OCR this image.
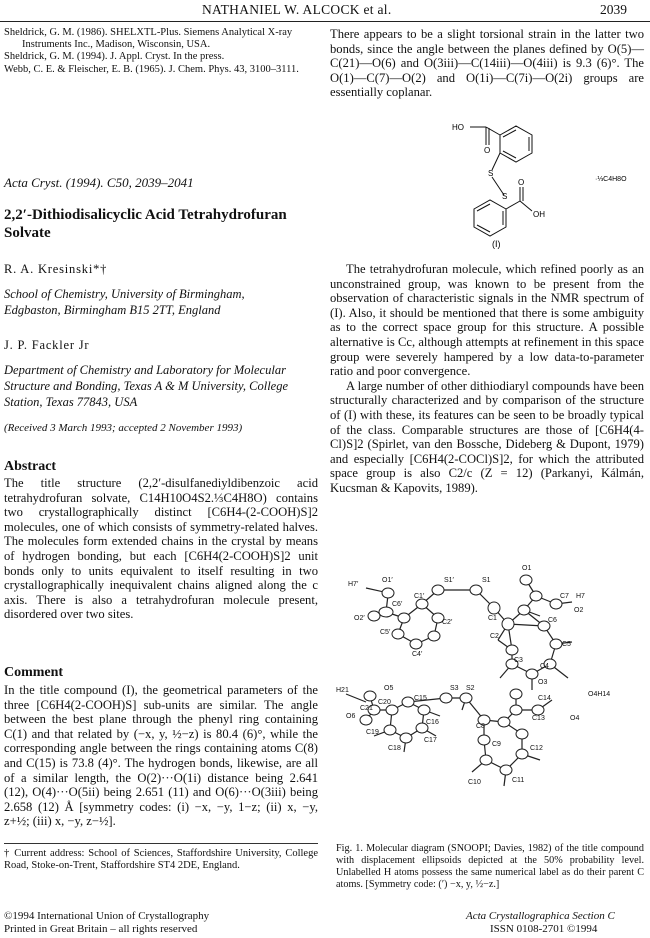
NATHANIEL W. ALCOCK et al.	2039
Sheldrick, G. M. (1986). SHELXTL-Plus. Siemens Analytical X-ray Instruments Inc., Madison, Wisconsin, USA.
Sheldrick, G. M. (1994). J. Appl. Cryst. In the press.
Webb, C. E. & Fleischer, E. B. (1965). J. Chem. Phys. 43, 3100–3111.

There appears to be a slight torsional strain in the latter two bonds, since the angle between the planes defined by O(5)—C(21)—O(6) and O(3iii)—C(14iii)—O(4iii) is 9.3 (6)°. The O(1)—C(7)—O(2) and O(1i)—C(7i)—O(2i) groups are essentially coplanar.

Acta Cryst. (1994). C50, 2039–2041
2,2′-Dithiodisalicyclic Acid Tetrahydrofuran Solvate
R. A. Kresinski*†
School of Chemistry, University of Birmingham, Edgbaston, Birmingham B15 2TT, England
J. P. Fackler Jr
Department of Chemistry and Laboratory for Molecular Structure and Bonding, Texas A & M University, College Station, Texas 77843, USA
(Received 3 March 1993; accepted 2 November 1993)
Abstract

The title structure (2,2′-disulfanediyldibenzoic acid tetrahydrofuran solvate, C14H10O4S2.⅓C4H8O) contains two crystallographically distinct [C6H4-(2-COOH)S]2 molecules, one of which consists of symmetry-related halves. The molecules form extended chains in the crystal by means of hydrogen bonding, but each [C6H4(2-COOH)S]2 unit bonds only to units equivalent to itself resulting in two crystallographically inequivalent chains aligned along the c axis. There is also a tetrahydrofuran molecule present, disordered over two sites.

Comment

In the title compound (I), the geometrical parameters of the three [C6H4(2-COOH)S] sub-units are similar. The angle between the best plane through the phenyl ring containing C(1) and that related by (−x, y, ½−z) is 80.4 (6)°, while the corresponding angle between the rings containing atoms C(8) and C(15) is 73.8 (4)°. The hydrogen bonds, likewise, are all of a similar length, the O(2)···O(1i) distance being 2.641 (12), O(4)···O(5ii) being 2.651 (11) and O(6)···O(3iii) being 2.658 (12) Å [symmetry codes: (i) −x, −y, 1−z; (ii) x, −y, z+½; (iii) x, −y, z−½].

† Current address: School of Sciences, Staffordshire University, College Road, Stoke-on-Trent, Staffordshire ST4 2DE, England.
©1994 International Union of Crystallography
Printed in Great Britain – all rights reserved
HO
O
S
S
O
OH
·⅓C4H8O
(I)

The tetrahydrofuran molecule, which refined poorly as an unconstrained group, was known to be present from the observation of characteristic signals in the NMR spectrum of (I). Also, it should be mentioned that there is some ambiguity as to the correct space group for this structure. A possible alternative is Cc, although attempts at refinement in this space group were severely hampered by a low data-to-parameter ratio and poor convergence.

A large number of other dithiodiaryl compounds have been structurally characterized and by comparison of the structure of (I) with these, its features can be seen to be broadly typical of the class. Comparable structures are those of [C6H4(4-Cl)S]2 (Spirlet, van den Bossche, Dideberg & Dupont, 1979) and especially [C6H4(2-COCl)S]2, for which the attributed space group is also C2/c (Z = 12) (Parkanyi, Kálmán, Kucsman & Kapovits, 1989).

H7′
O1′	S1′	S1
O1
C6′
C1′
O2′
C2′
C7 H7
C5′
C4′
C1
O2
C2
C6
C3
C5
C4
H21	O5	S3 S2
C20
C15
O3
O6
C21
C16
C8
O4H14
C14
C13
C19
C17
C18
C9
C12
C10	C11
O4
Fig. 1. Molecular diagram (SNOOPI; Davies, 1982) of the title compound with displacement ellipsoids depicted at the 50% probability level. Unlabelled H atoms possess the same numerical label as do their parent C atoms. [Symmetry code: (′) −x, y, ½−z.]
Acta Crystallographica Section C
ISSN 0108-2701 ©1994
